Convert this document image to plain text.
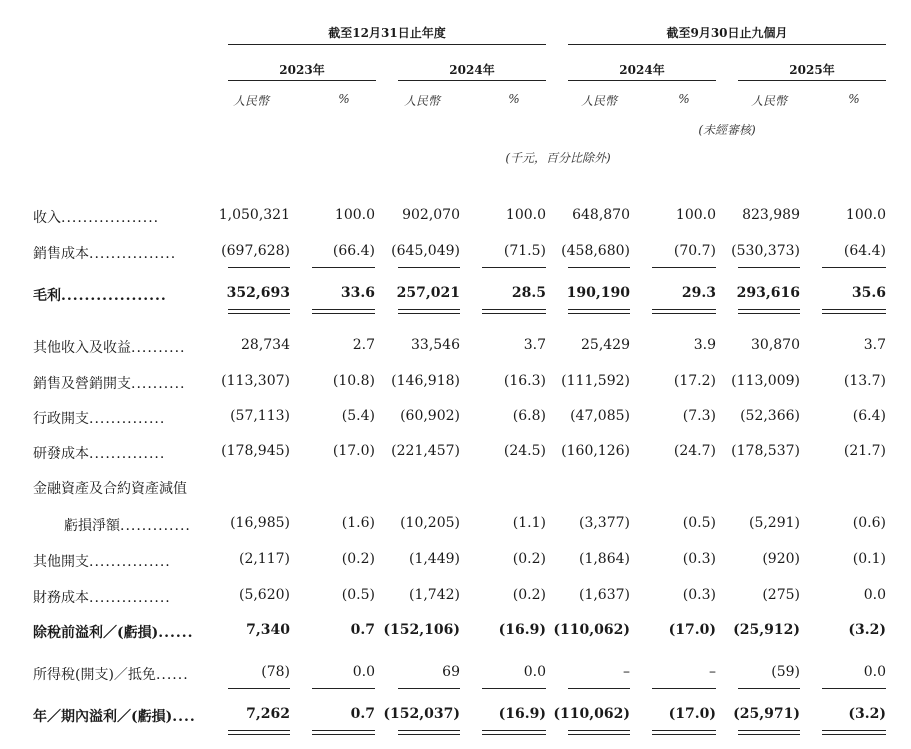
截至12月31日止年度	截至9月30日止九個月
2023年	2024年	2024年	2025年
人民幣	%	人民幣	%	人民幣	%	人民幣	%
(未經審核)
(千元，百分比除外)
收入..................	1,050,321	100.0 902,070	100.0 648,870	100.0 823,989	100.0
銷售成本................	(697,628)	(66.4) (645,049)	(71.5) (458,680)	(70.7) (530,373)	(64.4)
毛利..................	352,693	33.6 257,021	28.5 190,190	29.3 293,616	35.6
其他收入及收益..........	28,734	2.7	33,546	3.7	25,429	3.9	30,870	3.7
銷售及營銷開支..........	(113,307)	(10.8) (146,918)	(16.3) (111,592)	(17.2) (113,009)	(13.7)
行政開支..............	(57,113)	(5.4) (60,902)	(6.8) (47,085)	(7.3) (52,366)	(6.4)
研發成本..............	(178,945)	(17.0) (221,457)	(24.5) (160,126)	(24.7) (178,537)	(21.7)
金融資產及合約資產減值
虧損淨額.............	(16,985)	(1.6) (10,205)	(1.1) (3,377)	(0.5) (5,291)	(0.6)
其他開支...............	(2,117)	(0.2) (1,449)	(0.2) (1,864)	(0.3)	(920)	(0.1)
財務成本...............	(5,620)	(0.5) (1,742)	(0.2) (1,637)	(0.3)	(275)	0.0
除稅前溢利／(虧損)......	7,340	0.7 (152,106)	(16.9) (110,062)	(17.0) (25,912)	(3.2)
所得稅(開支)／抵免......	(78)	0.0	69	0.0	–	–	(59)	0.0
年／期內溢利／(虧損)....	7,262	0.7 (152,037)	(16.9) (110,062)	(17.0) (25,971)	(3.2)
